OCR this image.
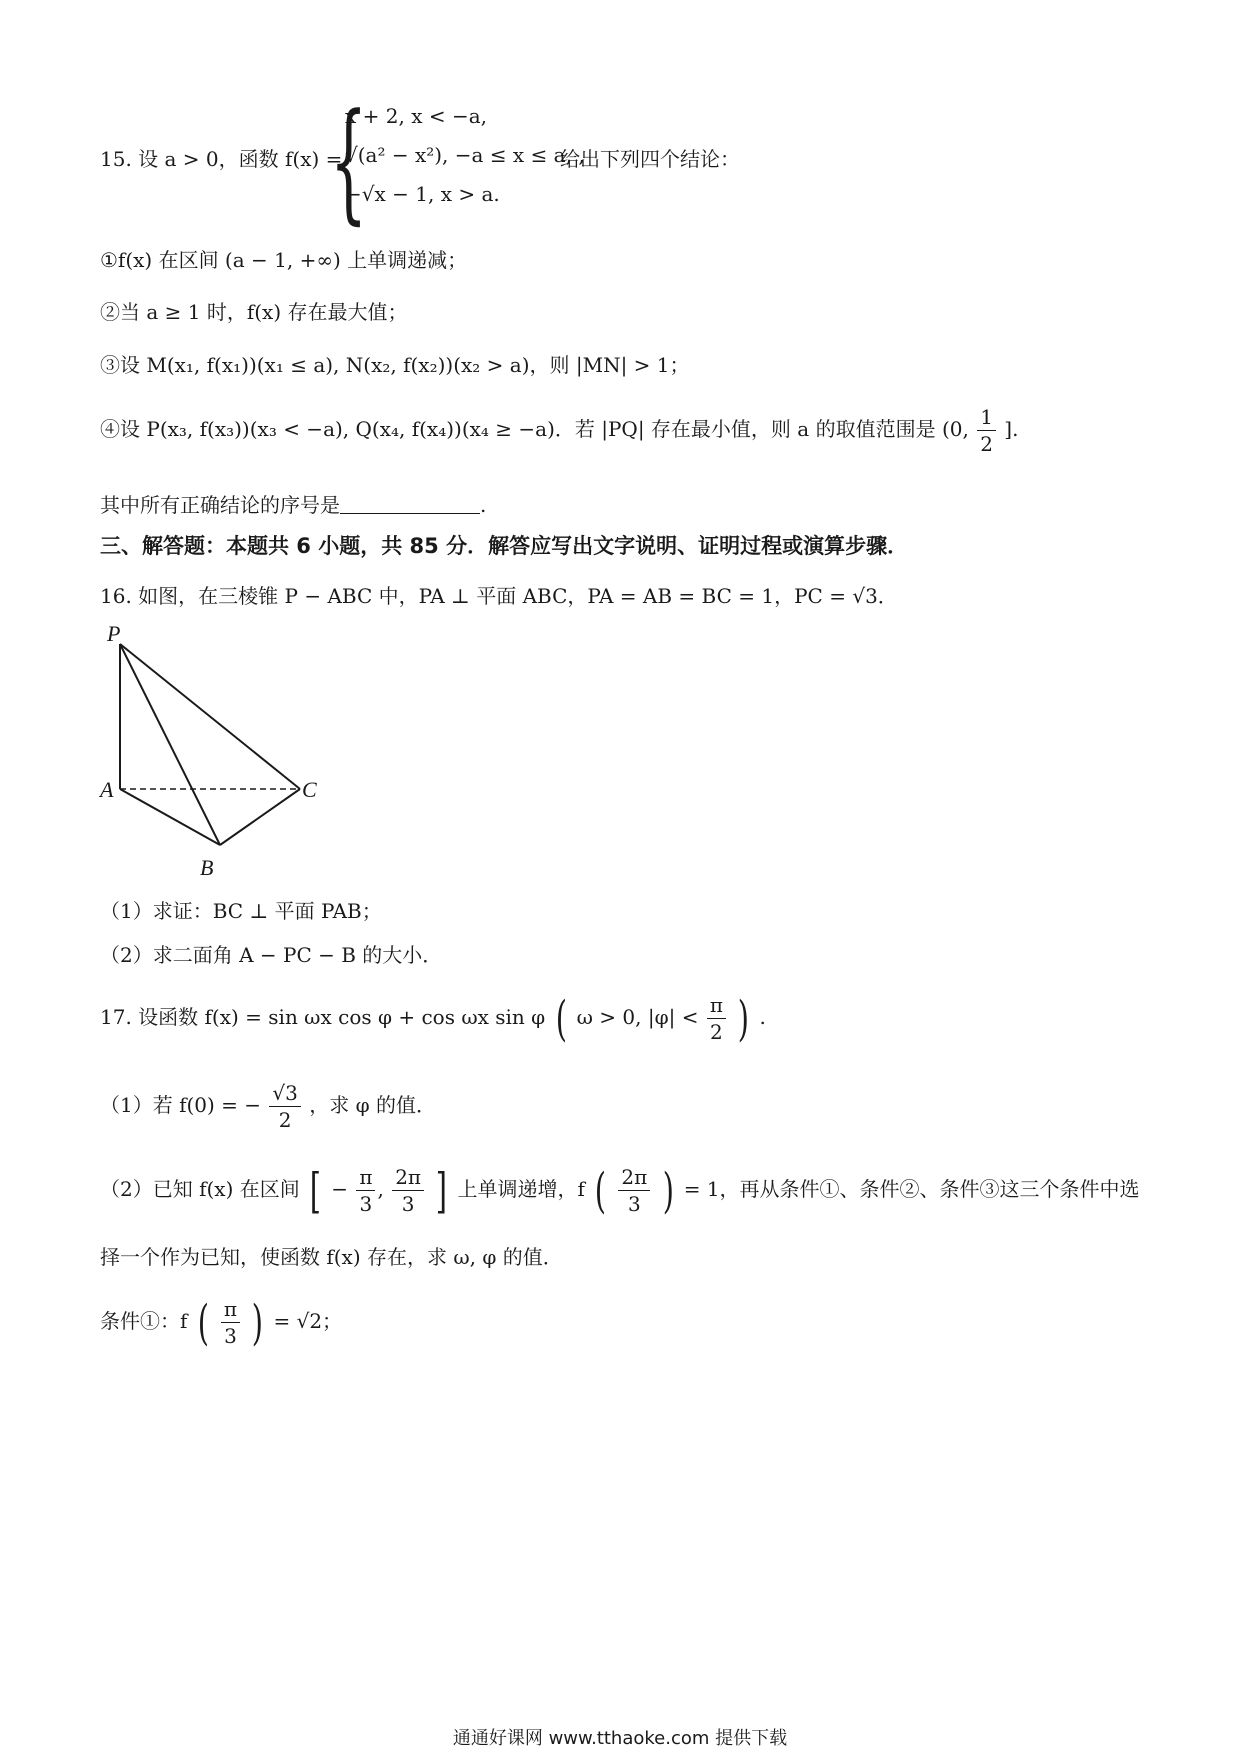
15. 设 a > 0，函数 f(x) =
{
x + 2, x < −a,
√(a² − x²), −a ≤ x ≤ a, ,
−√x − 1, x > a.
给出下列四个结论：
①f(x) 在区间 (a − 1, +∞) 上单调递减；
②当 a ≥ 1 时，f(x) 存在最大值；
③设 M(x₁, f(x₁))(x₁ ≤ a), N(x₂, f(x₂))(x₂ > a)，则 |MN| > 1；
④设 P(x₃, f(x₃))(x₃ < −a), Q(x₄, f(x₄))(x₄ ≥ −a)．若 |PQ| 存在最小值，则 a 的取值范围是 (0, $\frac{1}{2}$ ].
其中所有正确结论的序号是	.
三、解答题：本题共 6 小题，共 85 分．解答应写出文字说明、证明过程或演算步骤．
16. 如图，在三棱锥 P − ABC 中，PA ⊥ 平面 ABC，PA = AB = BC = 1，PC = √3．
P
A	C
B
（1）求证：BC ⊥ 平面 PAB；
（2）求二面角 A − PC − B 的大小．
17. 设函数 f(x) = sin ωx cos φ + cos ωx sin φ ( ω > 0, $|\varphi| < \frac{\pi}{2}$ ) .
（1）若 f(0) = − $\frac{√3}{2}$ ，求 φ 的值．
（2）已知 f(x) 在区间 [ − $\frac{\pi}{3}$ , $\frac{2\pi}{3}$ ] 上单调递增，f ( $\frac{2\pi}{3}$ ) = 1，再从条件①、条件②、条件③这三个条件中选
择一个作为已知，使函数 f(x) 存在，求 ω, φ 的值．
条件①：f ( $\frac{\pi}{3}$ ) = √2；
通通好课网 www.tthaoke.com 提供下载
